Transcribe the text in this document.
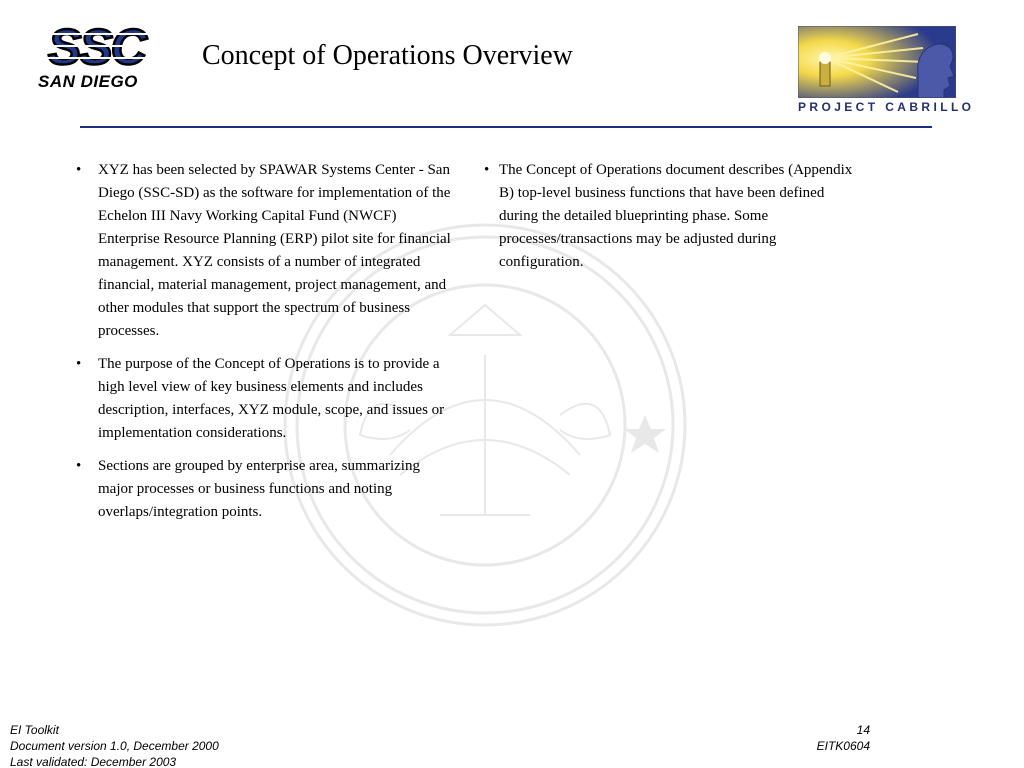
SSC
SAN DIEGO
Concept of Operations Overview
PROJECT CABRILLO
• XYZ has been selected by SPAWAR Systems Center - San Diego (SSC-SD) as the software for implementation of the Echelon III Navy Working Capital Fund (NWCF) Enterprise Resource Planning (ERP) pilot site for financial management. XYZ consists of a number of integrated financial, material management, project management, and other modules that support the spectrum of business processes.
• The purpose of the Concept of Operations is to provide a high level view of key business elements and includes description, interfaces, XYZ module, scope, and issues or implementation considerations.
• Sections are grouped by enterprise area, summarizing major processes or business functions and noting overlaps/integration points.
• The Concept of Operations document describes (Appendix B) top-level business functions that have been defined during the detailed blueprinting phase. Some processes/transactions may be adjusted during configuration.
EI Toolkit
Document version 1.0, December 2000
Last validated: December 2003
14
EITK0604
